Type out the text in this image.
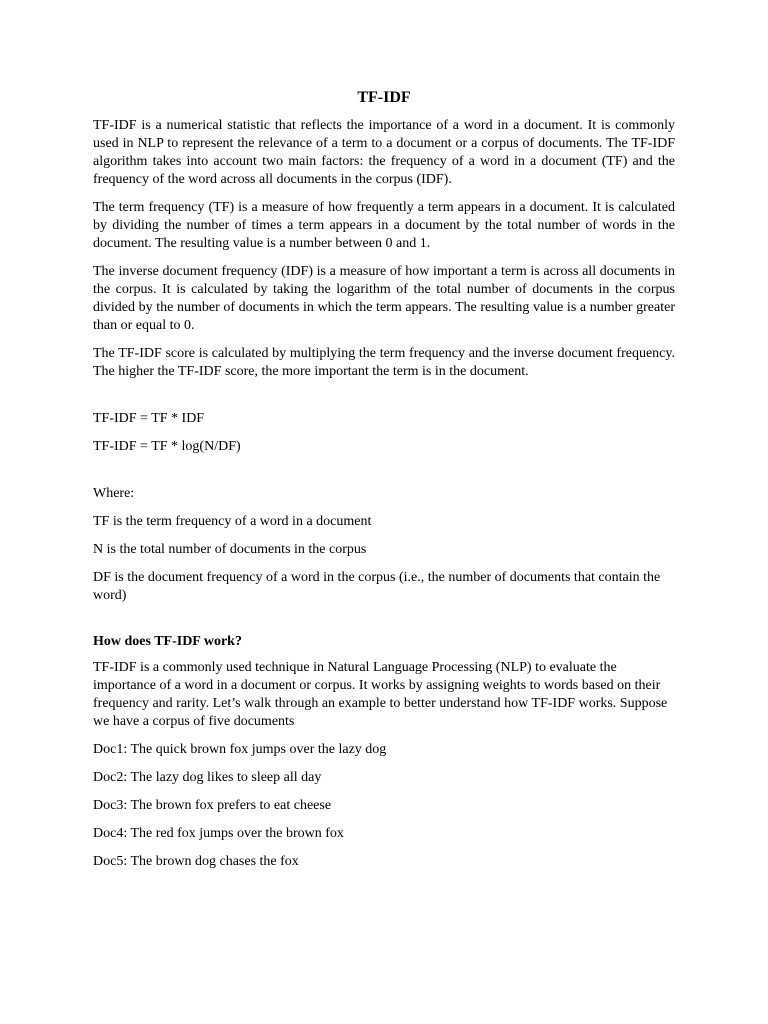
TF-IDF

TF-IDF is a numerical statistic that reflects the importance of a word in a document. It is commonly used in NLP to represent the relevance of a term to a document or a corpus of documents. The TF-IDF algorithm takes into account two main factors: the frequency of a word in a document (TF) and the frequency of the word across all documents in the corpus (IDF).

The term frequency (TF) is a measure of how frequently a term appears in a document. It is calculated by dividing the number of times a term appears in a document by the total number of words in the document. The resulting value is a number between 0 and 1.

The inverse document frequency (IDF) is a measure of how important a term is across all documents in the corpus. It is calculated by taking the logarithm of the total number of documents in the corpus divided by the number of documents in which the term appears. The resulting value is a number greater than or equal to 0.

The TF-IDF score is calculated by multiplying the term frequency and the inverse document frequency. The higher the TF-IDF score, the more important the term is in the document.

TF-IDF = TF * IDF

TF-IDF = TF * log(N/DF)

Where:

TF is the term frequency of a word in a document

N is the total number of documents in the corpus

DF is the document frequency of a word in the corpus (i.e., the number of documents that contain the word)

How does TF-IDF work?

TF-IDF is a commonly used technique in Natural Language Processing (NLP) to evaluate the importance of a word in a document or corpus. It works by assigning weights to words based on their frequency and rarity. Let’s walk through an example to better understand how TF-IDF works. Suppose we have a corpus of five documents

Doc1: The quick brown fox jumps over the lazy dog

Doc2: The lazy dog likes to sleep all day

Doc3: The brown fox prefers to eat cheese

Doc4: The red fox jumps over the brown fox

Doc5: The brown dog chases the fox
